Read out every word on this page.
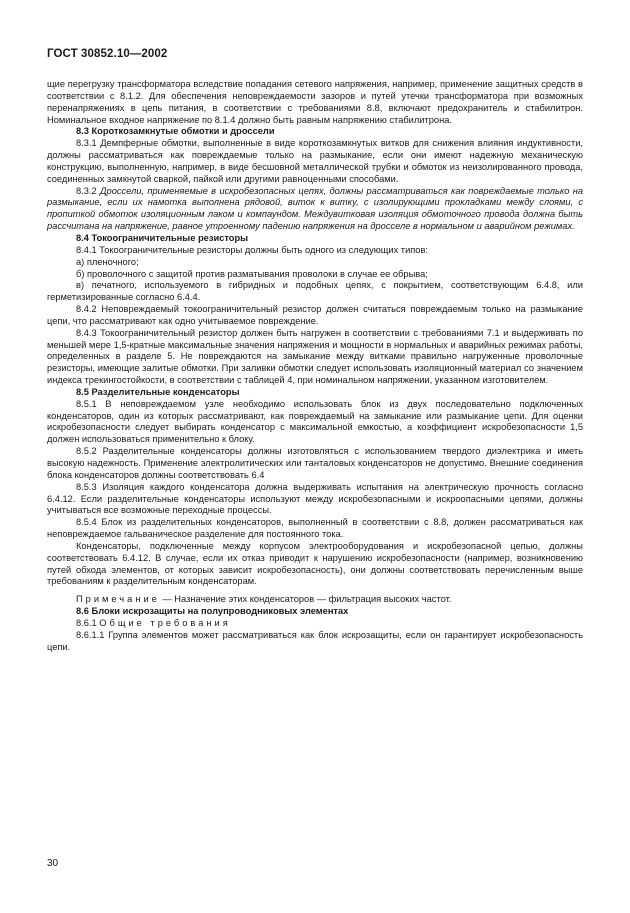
ГОСТ 30852.10—2002

щие перегрузку трансформатора вследствие попадания сетевого напряжения, например, применение защитных средств в соответствии с 8.1.2. Для обеспечения неповреждаемости зазоров и путей утечки трансформатора при возможных перенапряжениях в цепь питания, в соответствии с требованиями 8.8, включают предохранитель и стабилитрон. Номинальное входное напряжение по 8.1.4 должно быть равным напряжению стабилитрона.

8.3 Короткозамкнутые обмотки и дроссели

8.3.1 Демпферные обмотки, выполненные в виде короткозамкнутых витков для снижения влияния индуктивности, должны рассматриваться как повреждаемые только на размыкание, если они имеют надежную механическую конструкцию, выполненную, например, в виде бесшовной металлической трубки и обмоток из неизолированного провода, соединенных замкнутой сваркой, пайкой или другими равноценными способами.

8.3.2 Дроссели, применяемые в искробезопасных цепях, должны рассматриваться как повреждаемые только на размыкание, если их намотка выполнена рядовой, виток к витку, с изолирующими прокладками между слоями, с пропиткой обмоток изоляционным лаком и компаундом. Междувитковая изоляция обмоточного провода должна быть рассчитана на напряжение, равное утроенному падению напряжения на дросселе в нормальном и аварийном режимах.

8.4 Токоограничительные резисторы

8.4.1 Токоограничительные резисторы должны быть одного из следующих типов:

а) пленочного;

б) проволочного с защитой против разматывания проволоки в случае ее обрыва;

в) печатного, используемого в гибридных и подобных цепях, с покрытием, соответствующим 6.4.8, или герметизированные согласно 6.4.4.

8.4.2 Неповреждаемый токоограничительный резистор должен считаться повреждаемым только на размыкание цепи, что рассматривают как одно учитываемое повреждение.

8.4.3 Токоограничительный резистор должен быть нагружен в соответствии с требованиями 7.1 и выдерживать по меньшей мере 1,5-кратные максимальные значения напряжения и мощности в нормальных и аварийных режимах работы, определенных в разделе 5. Не повреждаются на замыкание между витками правильно нагруженные проволочные резисторы, имеющие залитые обмотки. При заливки обмотки следует использовать изоляционный материал со значением индекса трекингостойкости, в соответствии с таблицей 4, при номинальном напряжении, указанном изготовителем.

8.5 Разделительные конденсаторы

8.5.1 В неповреждаемом узле необходимо использовать блок из двух последовательно подключенных конденсаторов, один из которых рассматривают, как повреждаемый на замыкание или размыкание цепи. Для оценки искробезопасности следует выбирать конденсатор с максимальной емкостью, а коэффициент искробезопасности 1,5 должен использоваться применительно к блоку.

8.5.2 Разделительные конденсаторы должны изготовляться с использованием твердого диэлектрика и иметь высокую надежность. Применение электролитических или танталовых конденсаторов не допустимо. Внешние соединения блока конденсаторов должны соответствовать 6.4

8.5.3 Изоляция каждого конденсатора должна выдерживать испытания на электрическую прочность согласно 6.4.12. Если разделительные конденсаторы используют между искробезопасными и искроопасными цепями, должны учитываться все возможные переходные процессы.

8.5.4 Блок из разделительных конденсаторов, выполненный в соответствии с 8.8, должен рассматриваться как неповреждаемое гальваническое разделение для постоянного тока.

Конденсаторы, подключенные между корпусом электрооборудования и искробезопасной цепью, должны соответствовать 6.4.12. В случае, если их отказ приводит к нарушению искробезопасности (например, возникновению путей обхода элементов, от которых зависит искробезопасность), они должны соответствовать перечисленным выше требованиям к разделительным конденсаторам.

Примечание — Назначение этих конденсаторов — фильтрация высоких частот.

8.6 Блоки искрозащиты на полупроводниковых элементах

8.6.1 Общие требования

8.6.1.1 Группа элементов может рассматриваться как блок искрозащиты, если он гарантирует искробезопасность цепи.

30
